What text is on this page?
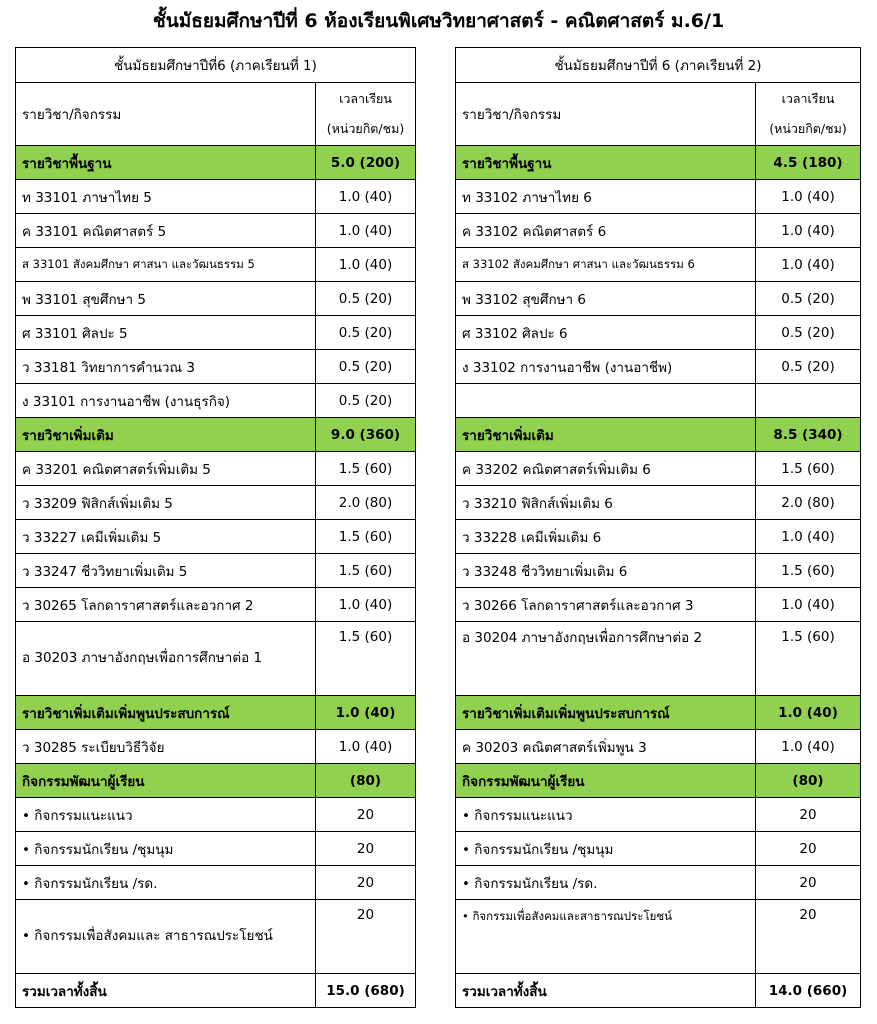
ชั้นมัธยมศึกษาปีที่ 6 ห้องเรียนพิเศษวิทยาศาสตร์ - คณิตศาสตร์ ม.6/1
ชั้นมัธยมศึกษาปีที่6 (ภาคเรียนที่ 1)	
รายวิชา/กิจกรรม	เวลาเรียน
(หน่วยกิต/ชม)
รายวิชาพื้นฐาน	5.0 (200)
ท 33101 ภาษาไทย 5	1.0 (40)
ค 33101 คณิตศาสตร์ 5	1.0 (40)
ส 33101 สังคมศึกษา ศาสนา และวัฒนธรรม 5	1.0 (40)
พ 33101 สุขศึกษา 5	0.5 (20)
ศ 33101 ศิลปะ 5	0.5 (20)
ว 33181 วิทยาการคำนวณ 3	0.5 (20)
ง 33101 การงานอาชีพ (งานธุรกิจ)	0.5 (20)
รายวิชาเพิ่มเติม	9.0 (360)
ค 33201 คณิตศาสตร์เพิ่มเติม 5	1.5 (60)
ว 33209 ฟิสิกส์เพิ่มเติม 5	2.0 (80)
ว 33227 เคมีเพิ่มเติม 5	1.5 (60)
ว 33247 ชีววิทยาเพิ่มเติม 5	1.5 (60)
ว 30265 โลกดาราศาสตร์และอวกาศ 2	1.0 (40)
อ 30203 ภาษาอังกฤษเพื่อการศึกษาต่อ 1	1.5 (60)
รายวิชาเพิ่มเติมเพิ่มพูนประสบการณ์	1.0 (40)
ว 30285 ระเบียบวิธีวิจัย	1.0 (40)
กิจกรรมพัฒนาผู้เรียน	(80)
• กิจกรรมแนะแนว	20
• กิจกรรมนักเรียน /ชุมนุม	20
• กิจกรรมนักเรียน /รด.	20
• กิจกรรมเพื่อสังคมและ สาธารณประโยชน์	20
รวมเวลาทั้งสิ้น	15.0 (680)
ชั้นมัธยมศึกษาปีที่ 6 (ภาคเรียนที่ 2)	
รายวิชา/กิจกรรม	เวลาเรียน
(หน่วยกิต/ชม)
รายวิชาพื้นฐาน	4.5 (180)
ท 33102 ภาษาไทย 6	1.0 (40)
ค 33102 คณิตศาสตร์ 6	1.0 (40)
ส 33102 สังคมศึกษา ศาสนา และวัฒนธรรม 6	1.0 (40)
พ 33102 สุขศึกษา 6	0.5 (20)
ศ 33102 ศิลปะ 6	0.5 (20)
ง 33102 การงานอาชีพ (งานอาชีพ)	0.5 (20)

รายวิชาเพิ่มเติม	8.5 (340)
ค 33202 คณิตศาสตร์เพิ่มเติม 6	1.5 (60)
ว 33210 ฟิสิกส์เพิ่มเติม 6	2.0 (80)
ว 33228 เคมีเพิ่มเติม 6	1.0 (40)
ว 33248 ชีววิทยาเพิ่มเติม 6	1.5 (60)
ว 30266 โลกดาราศาสตร์และอวกาศ 3	1.0 (40)
อ 30204 ภาษาอังกฤษเพื่อการศึกษาต่อ 2	1.5 (60)
รายวิชาเพิ่มเติมเพิ่มพูนประสบการณ์	1.0 (40)
ค 30203 คณิตศาสตร์เพิ่มพูน 3	1.0 (40)
กิจกรรมพัฒนาผู้เรียน	(80)
• กิจกรรมแนะแนว	20
• กิจกรรมนักเรียน /ชุมนุม	20
• กิจกรรมนักเรียน /รด.	20
• กิจกรรมเพื่อสังคมและสาธารณประโยชน์	20
รวมเวลาทั้งสิ้น	14.0 (660)
